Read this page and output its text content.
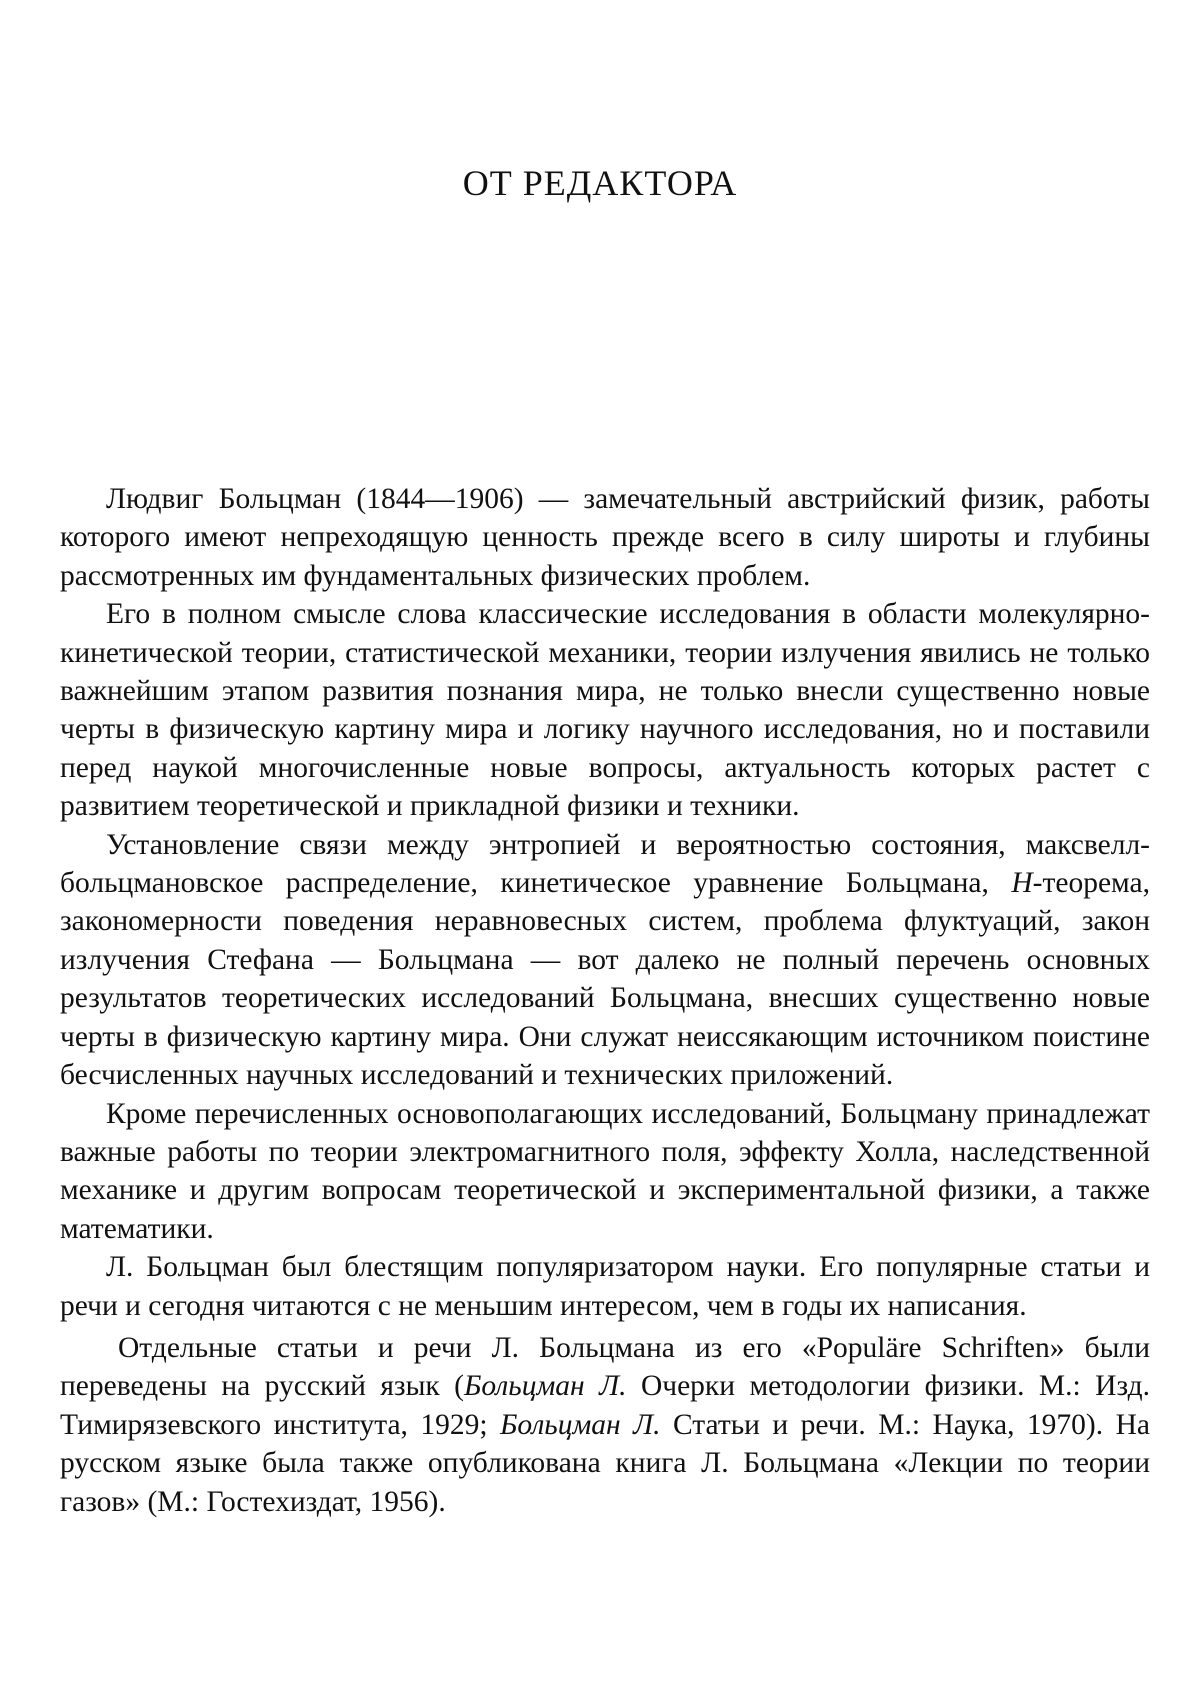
ОТ РЕДАКТОРА

Людвиг Больцман (1844—1906) — замечательный австрийский физик, работы которого имеют непреходящую ценность прежде всего в силу широты и глубины рассмотренных им фундаментальных физических проблем.

Его в полном смысле слова классические исследования в области молекулярно-кинетической теории, статистической механики, теории излучения явились не только важнейшим этапом развития познания мира, не только внесли существенно новые черты в физическую картину мира и логику научного исследования, но и поставили перед наукой многочисленные новые вопросы, актуальность которых растет с развитием теоретической и прикладной физики и техники.

Установление связи между энтропией и вероятностью состояния, максвелл-больцмановское распределение, кинетическое уравнение Больцмана, H-теорема, закономерности поведения неравновесных систем, проблема флуктуаций, закон излучения Стефана — Больцмана — вот далеко не полный перечень основных результатов теоретических исследований Больцмана, внесших существенно новые черты в физическую картину мира. Они служат неиссякающим источником поистине бесчисленных научных исследований и технических приложений.

Кроме перечисленных основополагающих исследований, Больцману принадлежат важные работы по теории электромагнитного поля, эффекту Холла, наследственной механике и другим вопросам теоретической и экспериментальной физики, а также математики.

Л. Больцман был блестящим популяризатором науки. Его популярные статьи и речи и сегодня читаются с не меньшим интересом, чем в годы их написания.

Отдельные статьи и речи Л. Больцмана из его «Populäre Schriften» были переведены на русский язык (Больцман Л. Очерки методологии физики. М.: Изд. Тимирязевского института, 1929; Больцман Л. Статьи и речи. М.: Наука, 1970). На русском языке была также опубликована книга Л. Больцмана «Лекции по теории газов» (М.: Гостехиздат, 1956).
